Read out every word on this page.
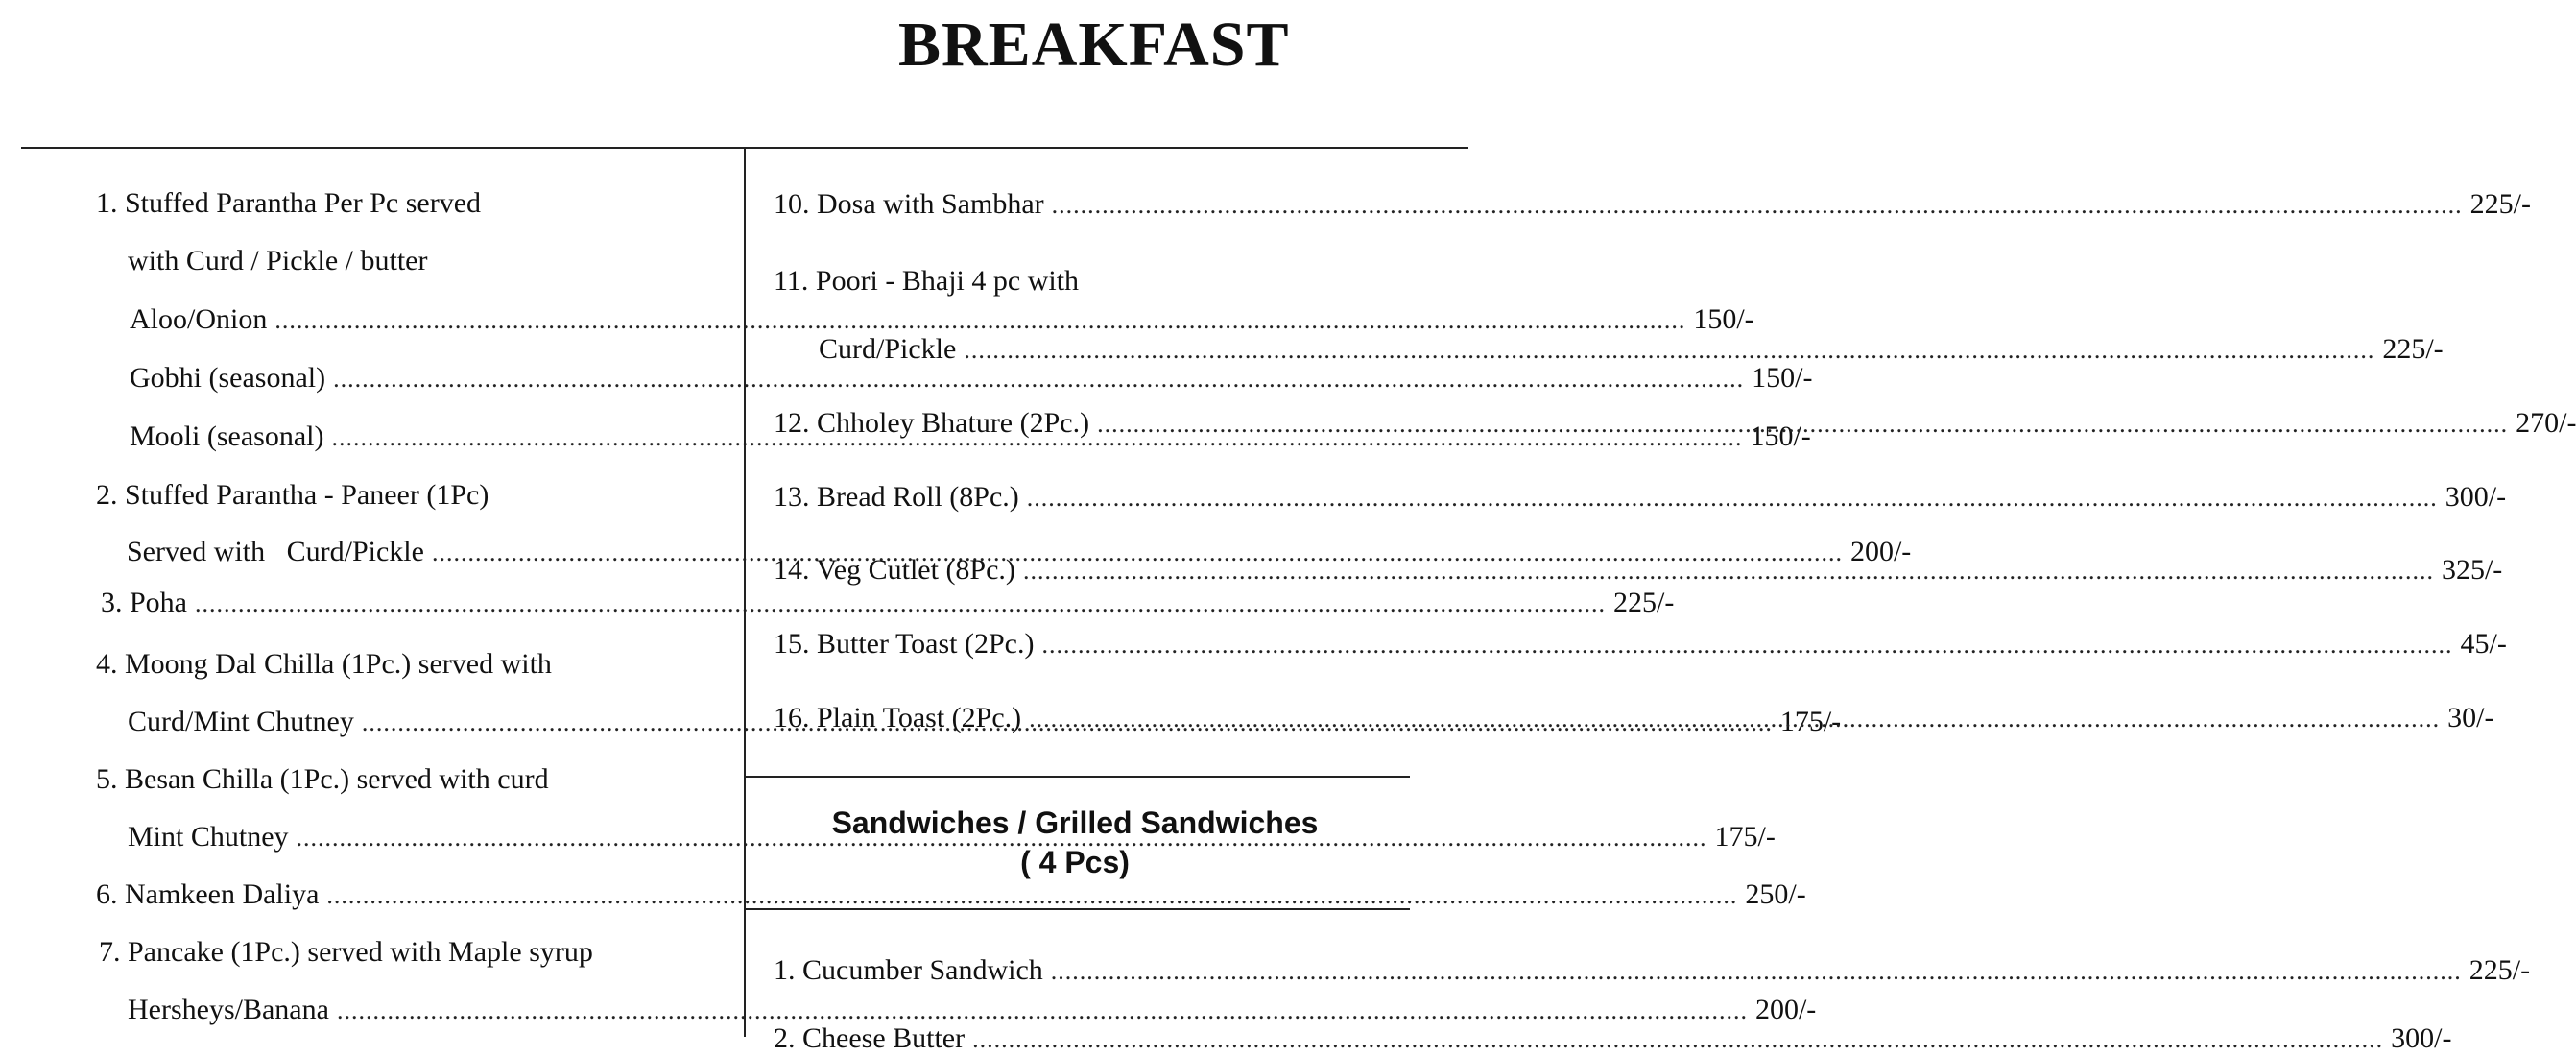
BREAKFAST
1. Stuffed Parantha Per Pc served
with Curd / Pickle / butter
Aloo/Onion .....	150/-
Gobhi (seasonal) .....	150/-
Mooli (seasonal) .....	150/-
2. Stuffed Parantha - Paneer (1Pc)
Served with   Curd/Pickle .....	200/-
3. Poha .....	225/-
4. Moong Dal Chilla (1Pc.) served with
Curd/Mint Chutney .....	175/-
5. Besan Chilla (1Pc.) served with curd
Mint Chutney .....	175/-
6. Namkeen Daliya .....	250/-
7. Pancake (1Pc.) served with Maple syrup
Hersheys/Banana .....	200/-
10. Dosa with Sambhar .....	225/-
11. Poori - Bhaji 4 pc with
Curd/Pickle .....	225/-
12. Chholey Bhature (2Pc.) .....	270/-
13. Bread Roll (8Pc.) .....	300/-
14. Veg Cutlet (8Pc.) .....	325/-
15. Butter Toast (2Pc.) .....	45/-
16. Plain Toast (2Pc.) .....	30/-
Sandwiches / Grilled Sandwiches
( 4 Pcs)
1. Cucumber Sandwich .....	225/-
2. Cheese Butter .....	300/-
